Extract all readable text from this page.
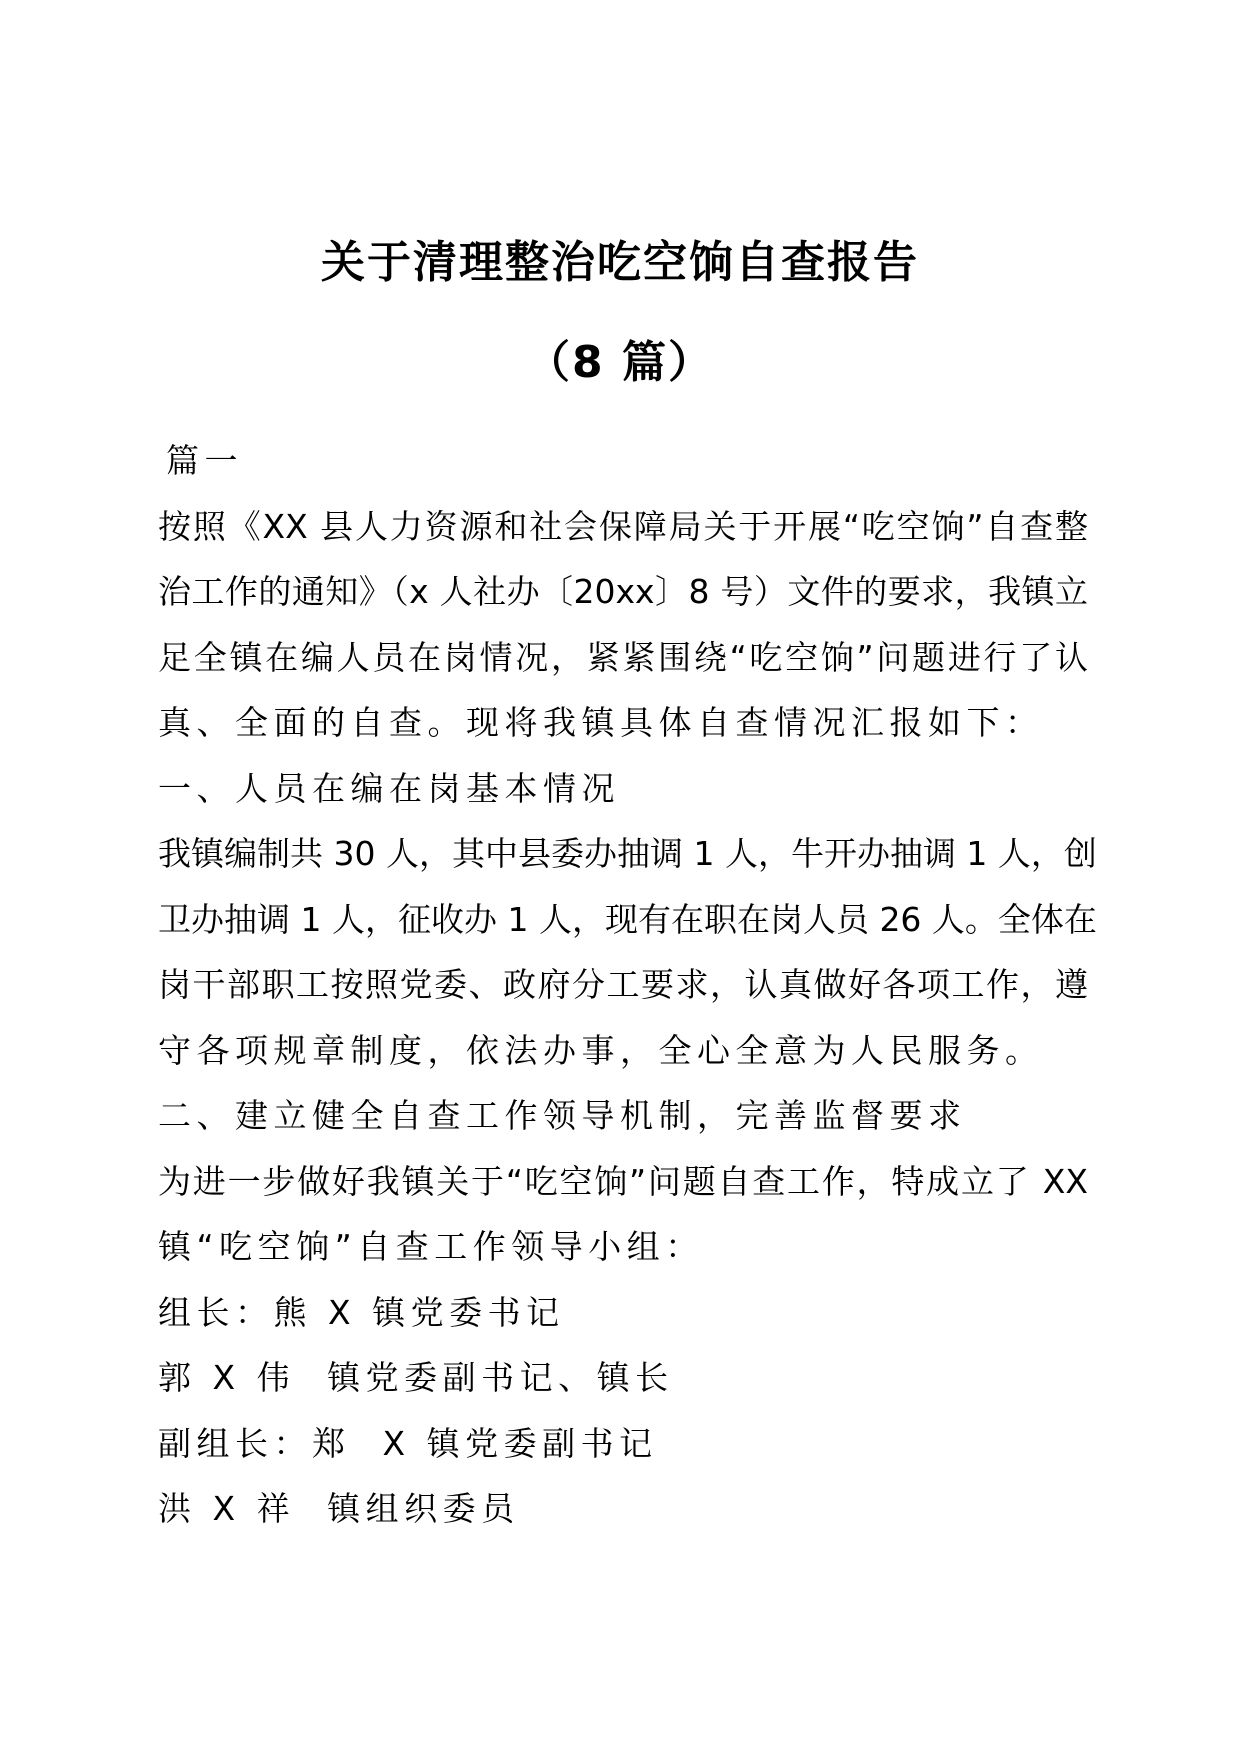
关于清理整治吃空饷自查报告
（8 篇）

篇一

按照《XX 县人力资源和社会保障局关于开展“吃空饷”自查整

治工作的通知》（x 人社办〔20xx〕8 号）文件的要求，我镇立

足全镇在编人员在岗情况，紧紧围绕“吃空饷”问题进行了认

真、全面的自查。现将我镇具体自查情况汇报如下：

一、人员在编在岗基本情况

我镇编制共 30 人，其中县委办抽调 1 人，牛开办抽调 1 人，创

卫办抽调 1 人，征收办 1 人，现有在职在岗人员 26 人。全体在

岗干部职工按照党委、政府分工要求，认真做好各项工作，遵

守各项规章制度，依法办事，全心全意为人民服务。

二、建立健全自查工作领导机制，完善监督要求

为进一步做好我镇关于“吃空饷”问题自查工作，特成立了 XX

镇“吃空饷”自查工作领导小组：

组长：熊 X 镇党委书记

郭 X 伟  镇党委副书记、镇长

副组长：郑  X 镇党委副书记

洪 X 祥  镇组织委员
